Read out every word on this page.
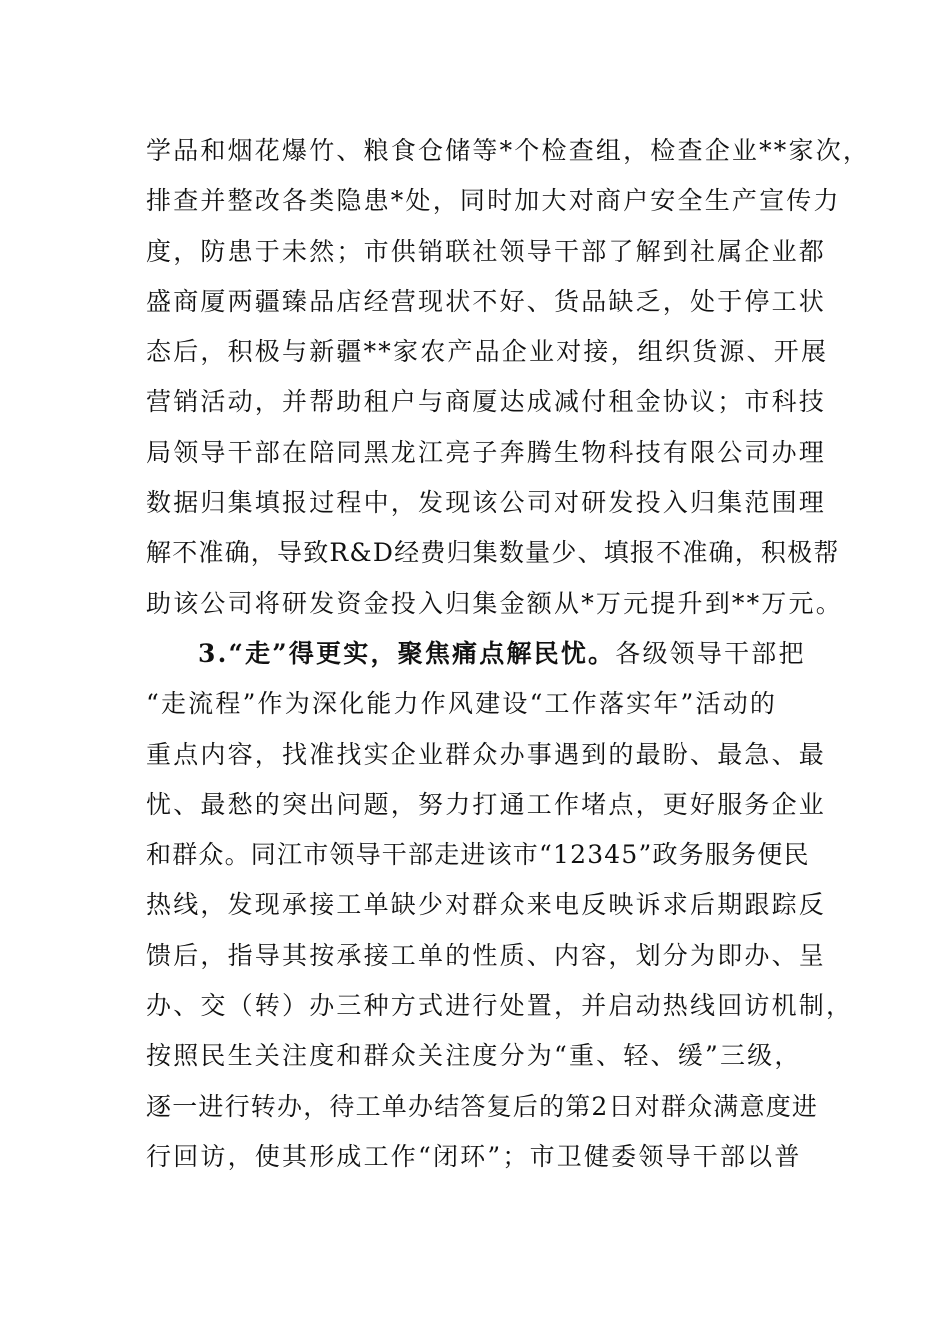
学品和烟花爆竹、粮食仓储等*个检查组，检查企业**家次，
排查并整改各类隐患*处，同时加大对商户安全生产宣传力
度，防患于未然；市供销联社领导干部了解到社属企业都
盛商厦两疆臻品店经营现状不好、货品缺乏，处于停工状
态后，积极与新疆**家农产品企业对接，组织货源、开展
营销活动，并帮助租户与商厦达成减付租金协议；市科技
局领导干部在陪同黑龙江亮子奔腾生物科技有限公司办理
数据归集填报过程中，发现该公司对研发投入归集范围理
解不准确，导致R&D经费归集数量少、填报不准确，积极帮
助该公司将研发资金投入归集金额从*万元提升到**万元。
3.“走”得更实，聚焦痛点解民忧。各级领导干部把
“走流程”作为深化能力作风建设“工作落实年”活动的
重点内容，找准找实企业群众办事遇到的最盼、最急、最
忧、最愁的突出问题，努力打通工作堵点，更好服务企业
和群众。同江市领导干部走进该市“12345”政务服务便民
热线，发现承接工单缺少对群众来电反映诉求后期跟踪反
馈后，指导其按承接工单的性质、内容，划分为即办、呈
办、交（转）办三种方式进行处置，并启动热线回访机制，
按照民生关注度和群众关注度分为“重、轻、缓”三级，
逐一进行转办，待工单办结答复后的第2日对群众满意度进
行回访，使其形成工作“闭环”；市卫健委领导干部以普
